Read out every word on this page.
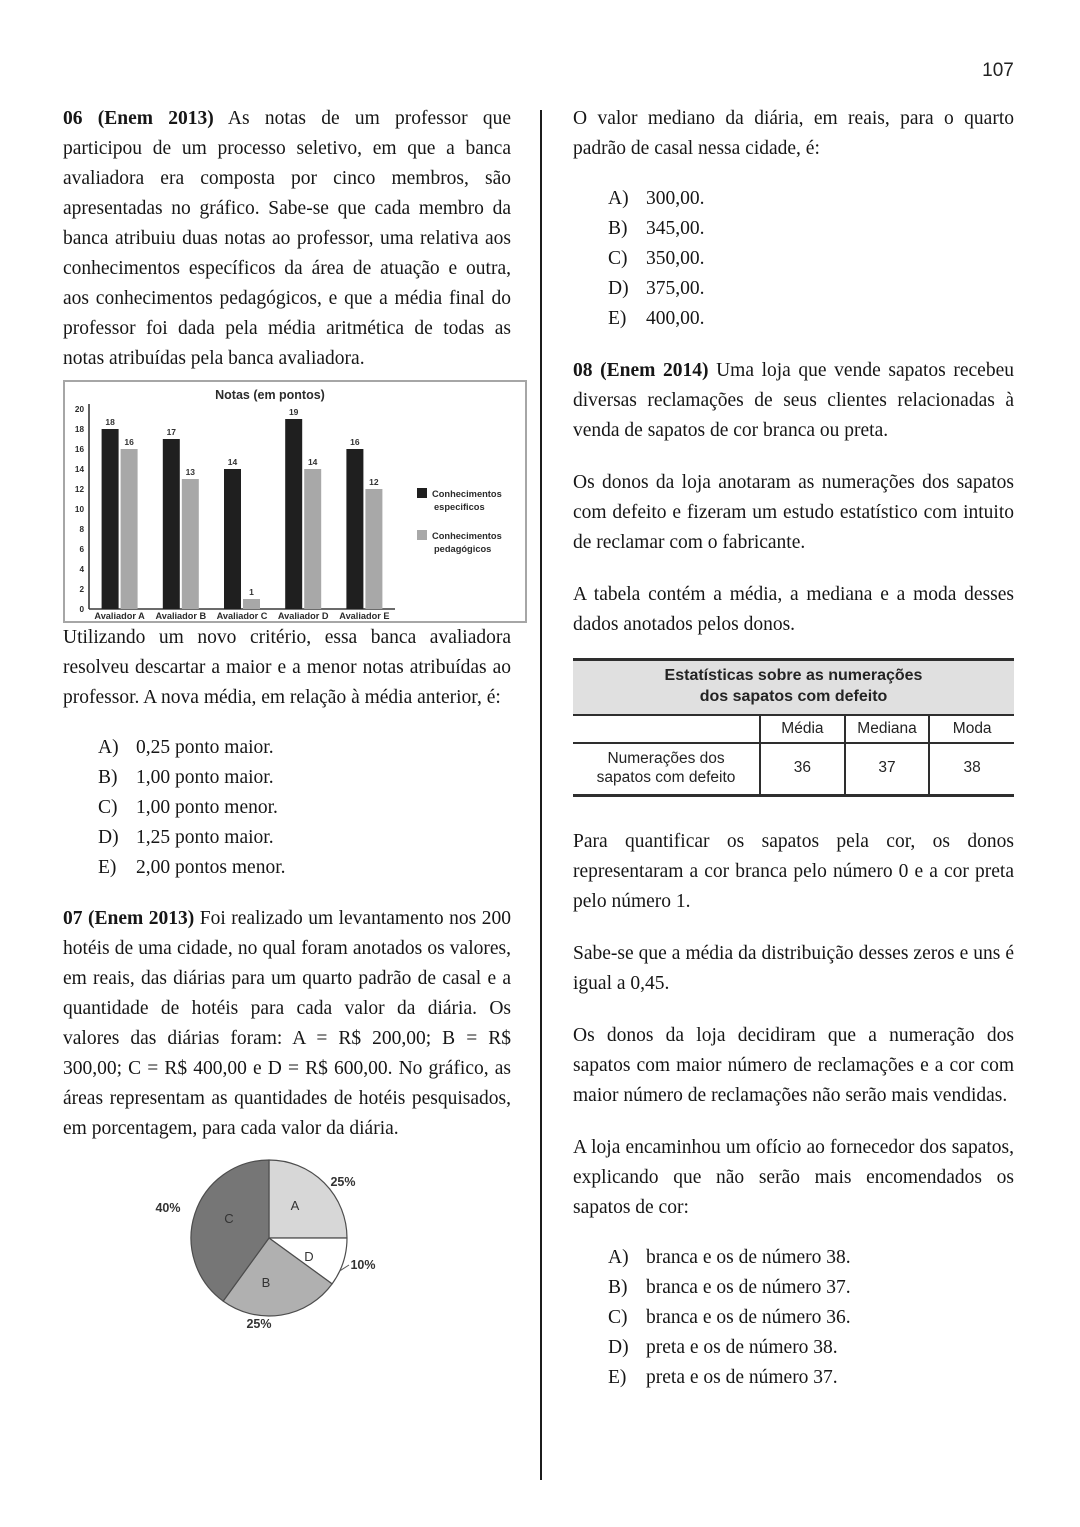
107

06 (Enem 2013) As notas de um professor que participou de um processo seletivo, em que a banca avaliadora era composta por cinco membros, são apresentadas no gráfico. Sabe-se que cada membro da banca atribuiu duas notas ao professor, uma relativa aos conhecimentos específicos da área de atuação e outra, aos conhecimentos pedagógicos, e que a média final do professor foi dada pela média aritmética de todas as notas atribuídas pela banca avaliadora.

Notas (em pontos)
0
2
4
6
8
10
12
14
16
18
20
18
16
Avaliador A
17
13
Avaliador B
14
1
Avaliador C
19
14
Avaliador D
16
12
Avaliador E
Conhecimentos
especificos
Conhecimentos
pedagógicos

Utilizando um novo critério, essa banca avaliadora resolveu descartar a maior e a menor notas atribuídas ao professor. A nova média, em relação à média anterior, é:

A) 0,25 ponto maior.
B) 1,00 ponto maior.
C) 1,00 ponto menor.
D) 1,25 ponto maior.
E)	2,00 pontos menor.

07 (Enem 2013) Foi realizado um levantamento nos 200 hotéis de uma cidade, no qual foram anotados os valores, em reais, das diárias para um quarto padrão de casal e a quantidade de hotéis para cada valor da diária. Os valores das diárias foram: A = R$ 200,00; B = R$ 300,00; C = R$ 400,00 e D = R$ 600,00. No gráfico, as áreas representam as quantidades de hotéis pesquisados, em porcentagem, para cada valor da diária.

A
25%
D
10%
B
25%
C
40%

O valor mediano da diária, em reais, para o quarto padrão de casal nessa cidade, é:

A) 300,00.
B) 345,00.
C) 350,00.
D) 375,00.
E)	400,00.

08 (Enem 2014) Uma loja que vende sapatos recebeu diversas reclamações de seus clientes relacionadas à venda de sapatos de cor branca ou preta.

Os donos da loja anotaram as numerações dos sapatos com defeito e fizeram um estudo estatístico com intuito de reclamar com o fabricante.

A tabela contém a média, a mediana e a moda desses dados anotados pelos donos.

Estatísticas sobre as numerações
dos sapatos com defeito			

	Média	Mediana	Moda

Numerações dos
sapatos com defeito	36	37	38

Para quantificar os sapatos pela cor, os donos representaram a cor branca pelo número 0 e a cor preta pelo número 1.

Sabe-se que a média da distribuição desses zeros e uns é igual a 0,45.

Os donos da loja decidiram que a numeração dos sapatos com maior número de reclamações e a cor com maior número de reclamações não serão mais vendidas.

A loja encaminhou um ofício ao fornecedor dos sapatos, explicando que não serão mais encomendados os sapatos de cor:

A) branca e os de número 38.
B) branca e os de número 37.
C) branca e os de número 36.
D) preta e os de número 38.
E)	preta e os de número 37.
